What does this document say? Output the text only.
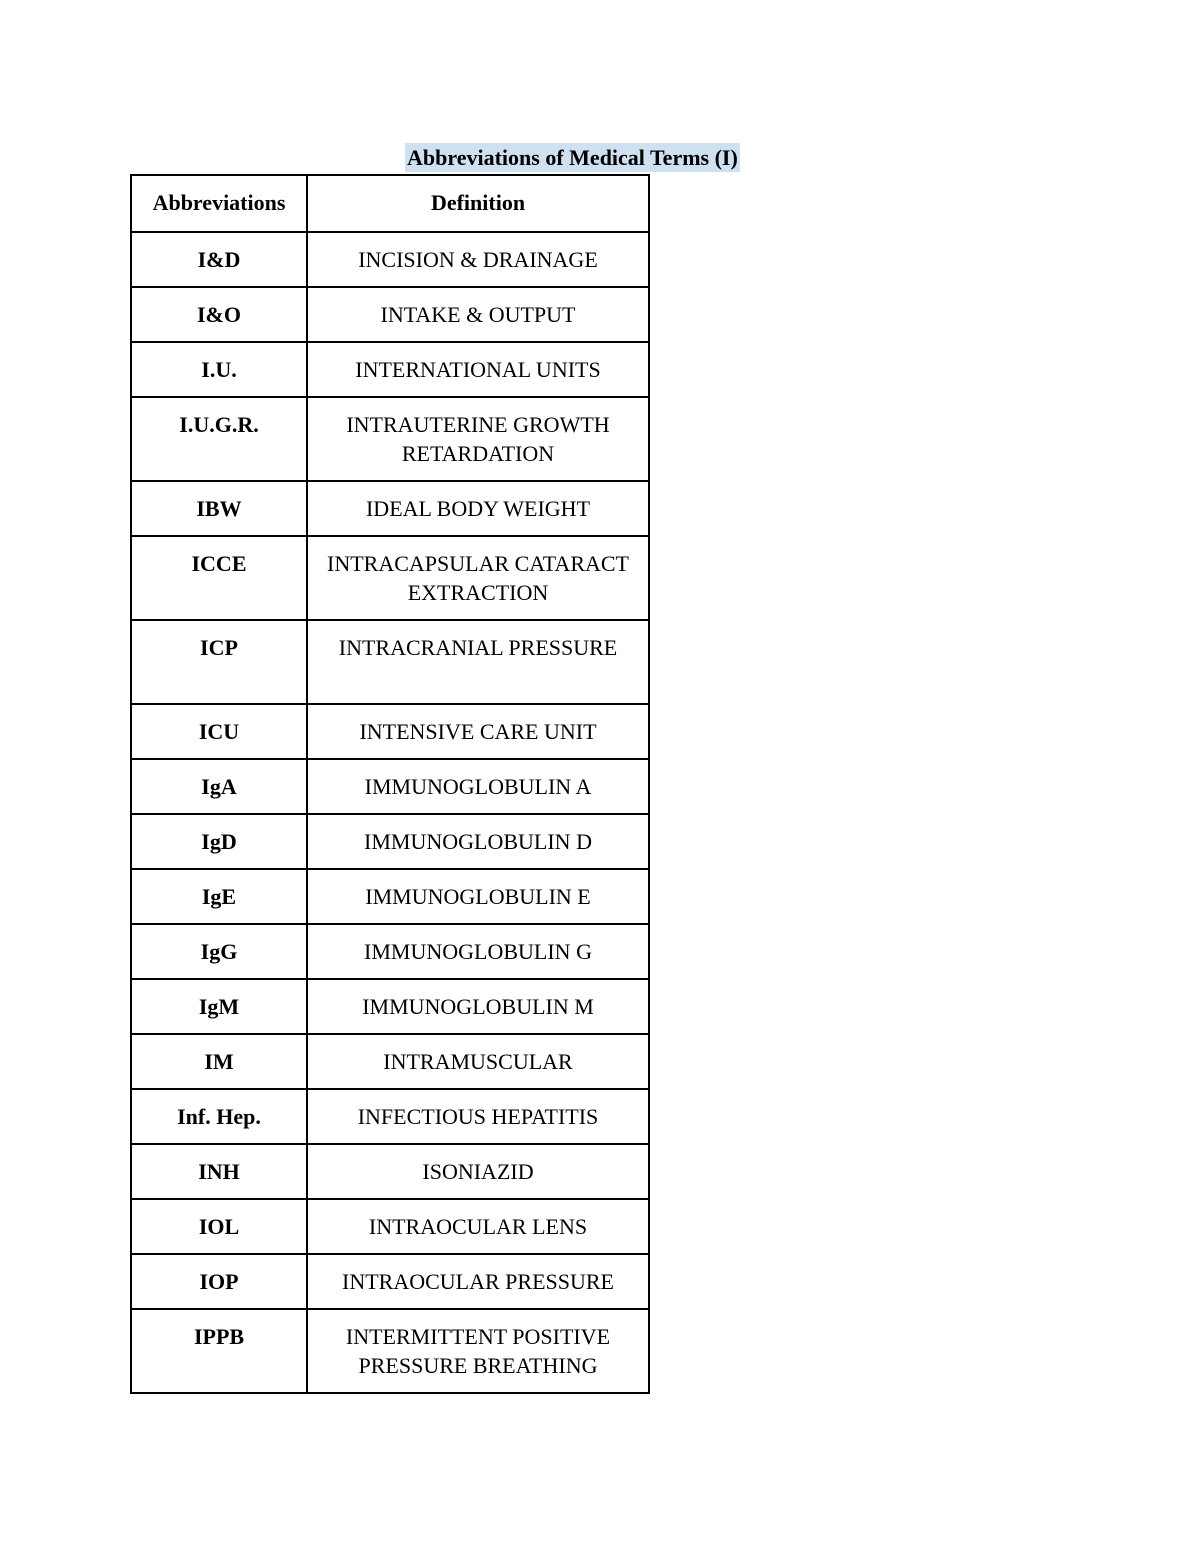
Abbreviations of Medical Terms (I)
Abbreviations	Definition
I&D	INCISION & DRAINAGE
I&O	INTAKE & OUTPUT
I.U.	INTERNATIONAL UNITS
I.U.G.R.	INTRAUTERINE GROWTH RETARDATION
IBW	IDEAL BODY WEIGHT
ICCE	INTRACAPSULAR CATARACT EXTRACTION
ICP	INTRACRANIAL PRESSURE
ICU	INTENSIVE CARE UNIT
IgA	IMMUNOGLOBULIN A
IgD	IMMUNOGLOBULIN D
IgE	IMMUNOGLOBULIN E
IgG	IMMUNOGLOBULIN G
IgM	IMMUNOGLOBULIN M
IM	INTRAMUSCULAR
Inf. Hep.	INFECTIOUS HEPATITIS
INH	ISONIAZID
IOL	INTRAOCULAR LENS
IOP	INTRAOCULAR PRESSURE
IPPB	INTERMITTENT POSITIVE PRESSURE BREATHING
